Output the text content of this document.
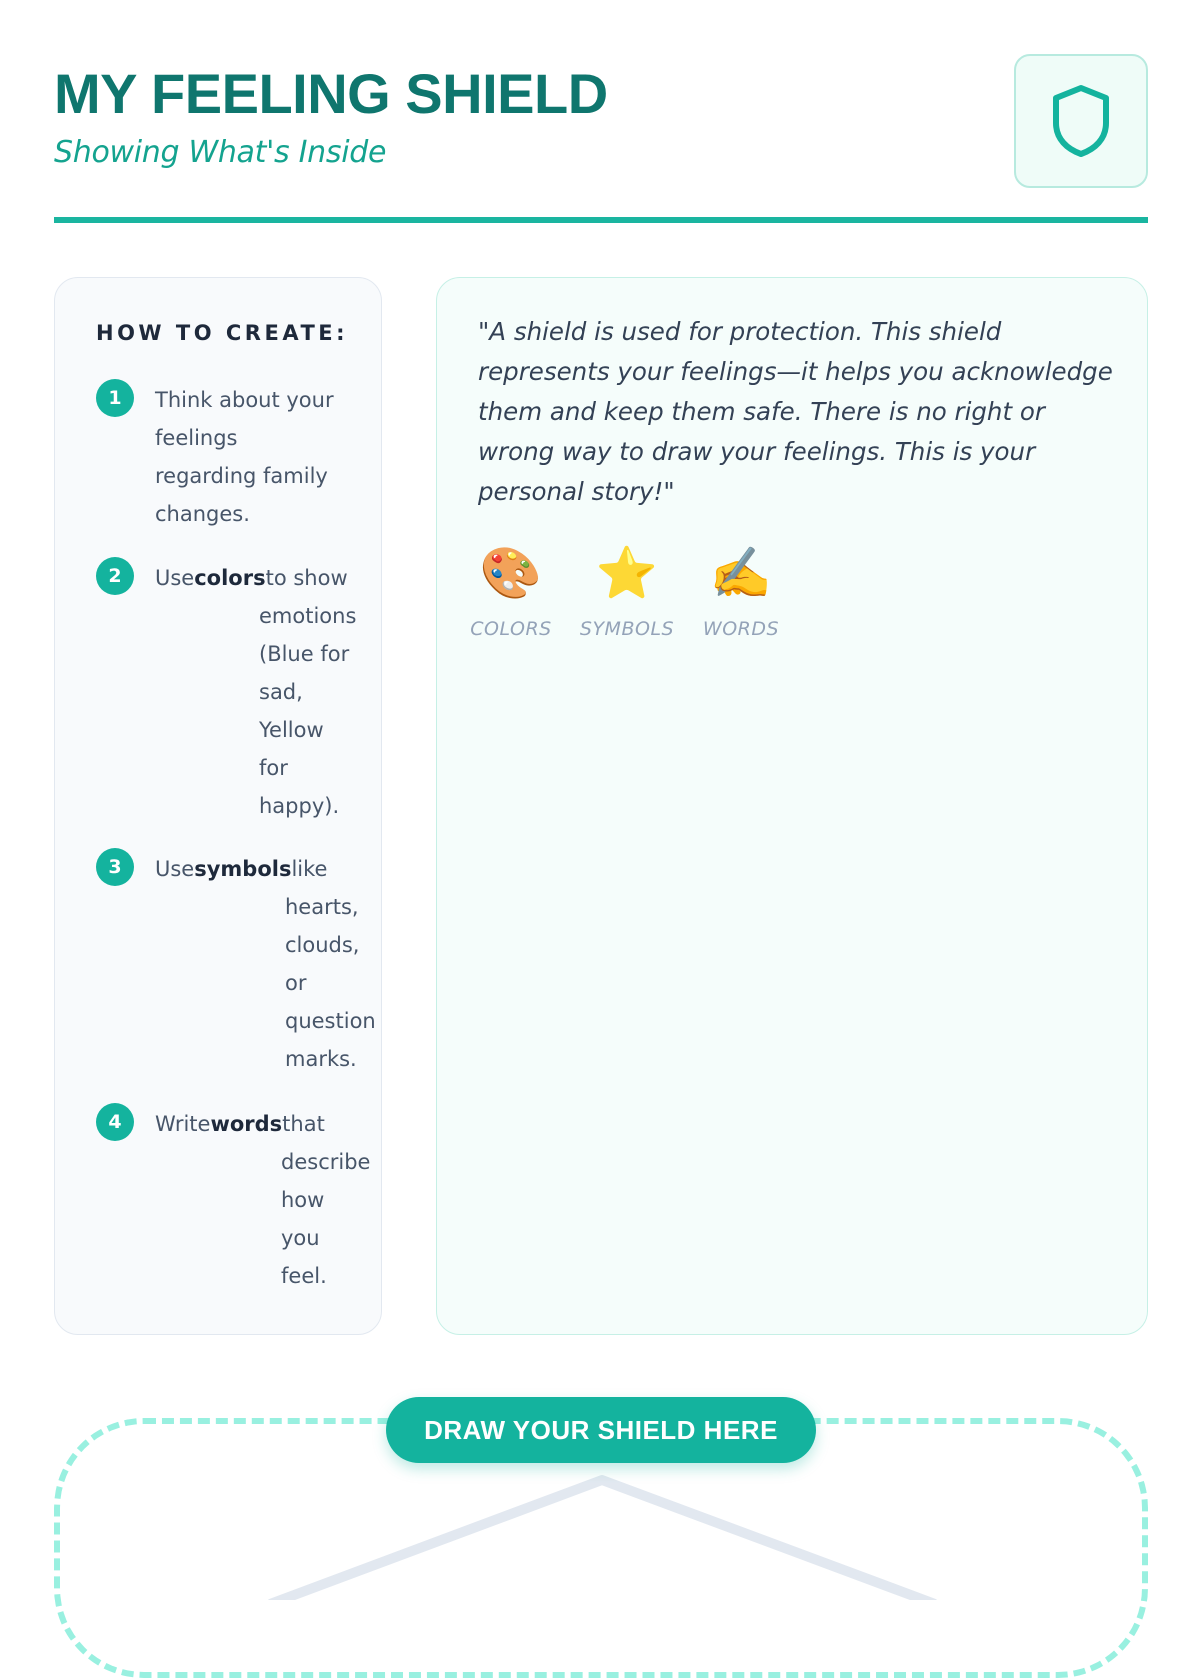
MY FEELING SHIELD

Showing What's Inside

HOW TO CREATE:
1	Think about your feelings regarding family changes.
2	Usecolorsto show
emotions
(Blue for
sad,
Yellow
for
happy).
3	Usesymbolslike
hearts,
clouds,
or
question
marks.
4	Writewordsthat
describe
how
you
feel.

"A shield is used for protection. This shield represents your feelings—it helps you acknowledge them and keep them safe. There is no right or wrong way to draw your feelings. This is your personal story!"

🎨
COLORS
⭐
SYMBOLS
✍️
WORDS
DRAW YOUR SHIELD HERE
